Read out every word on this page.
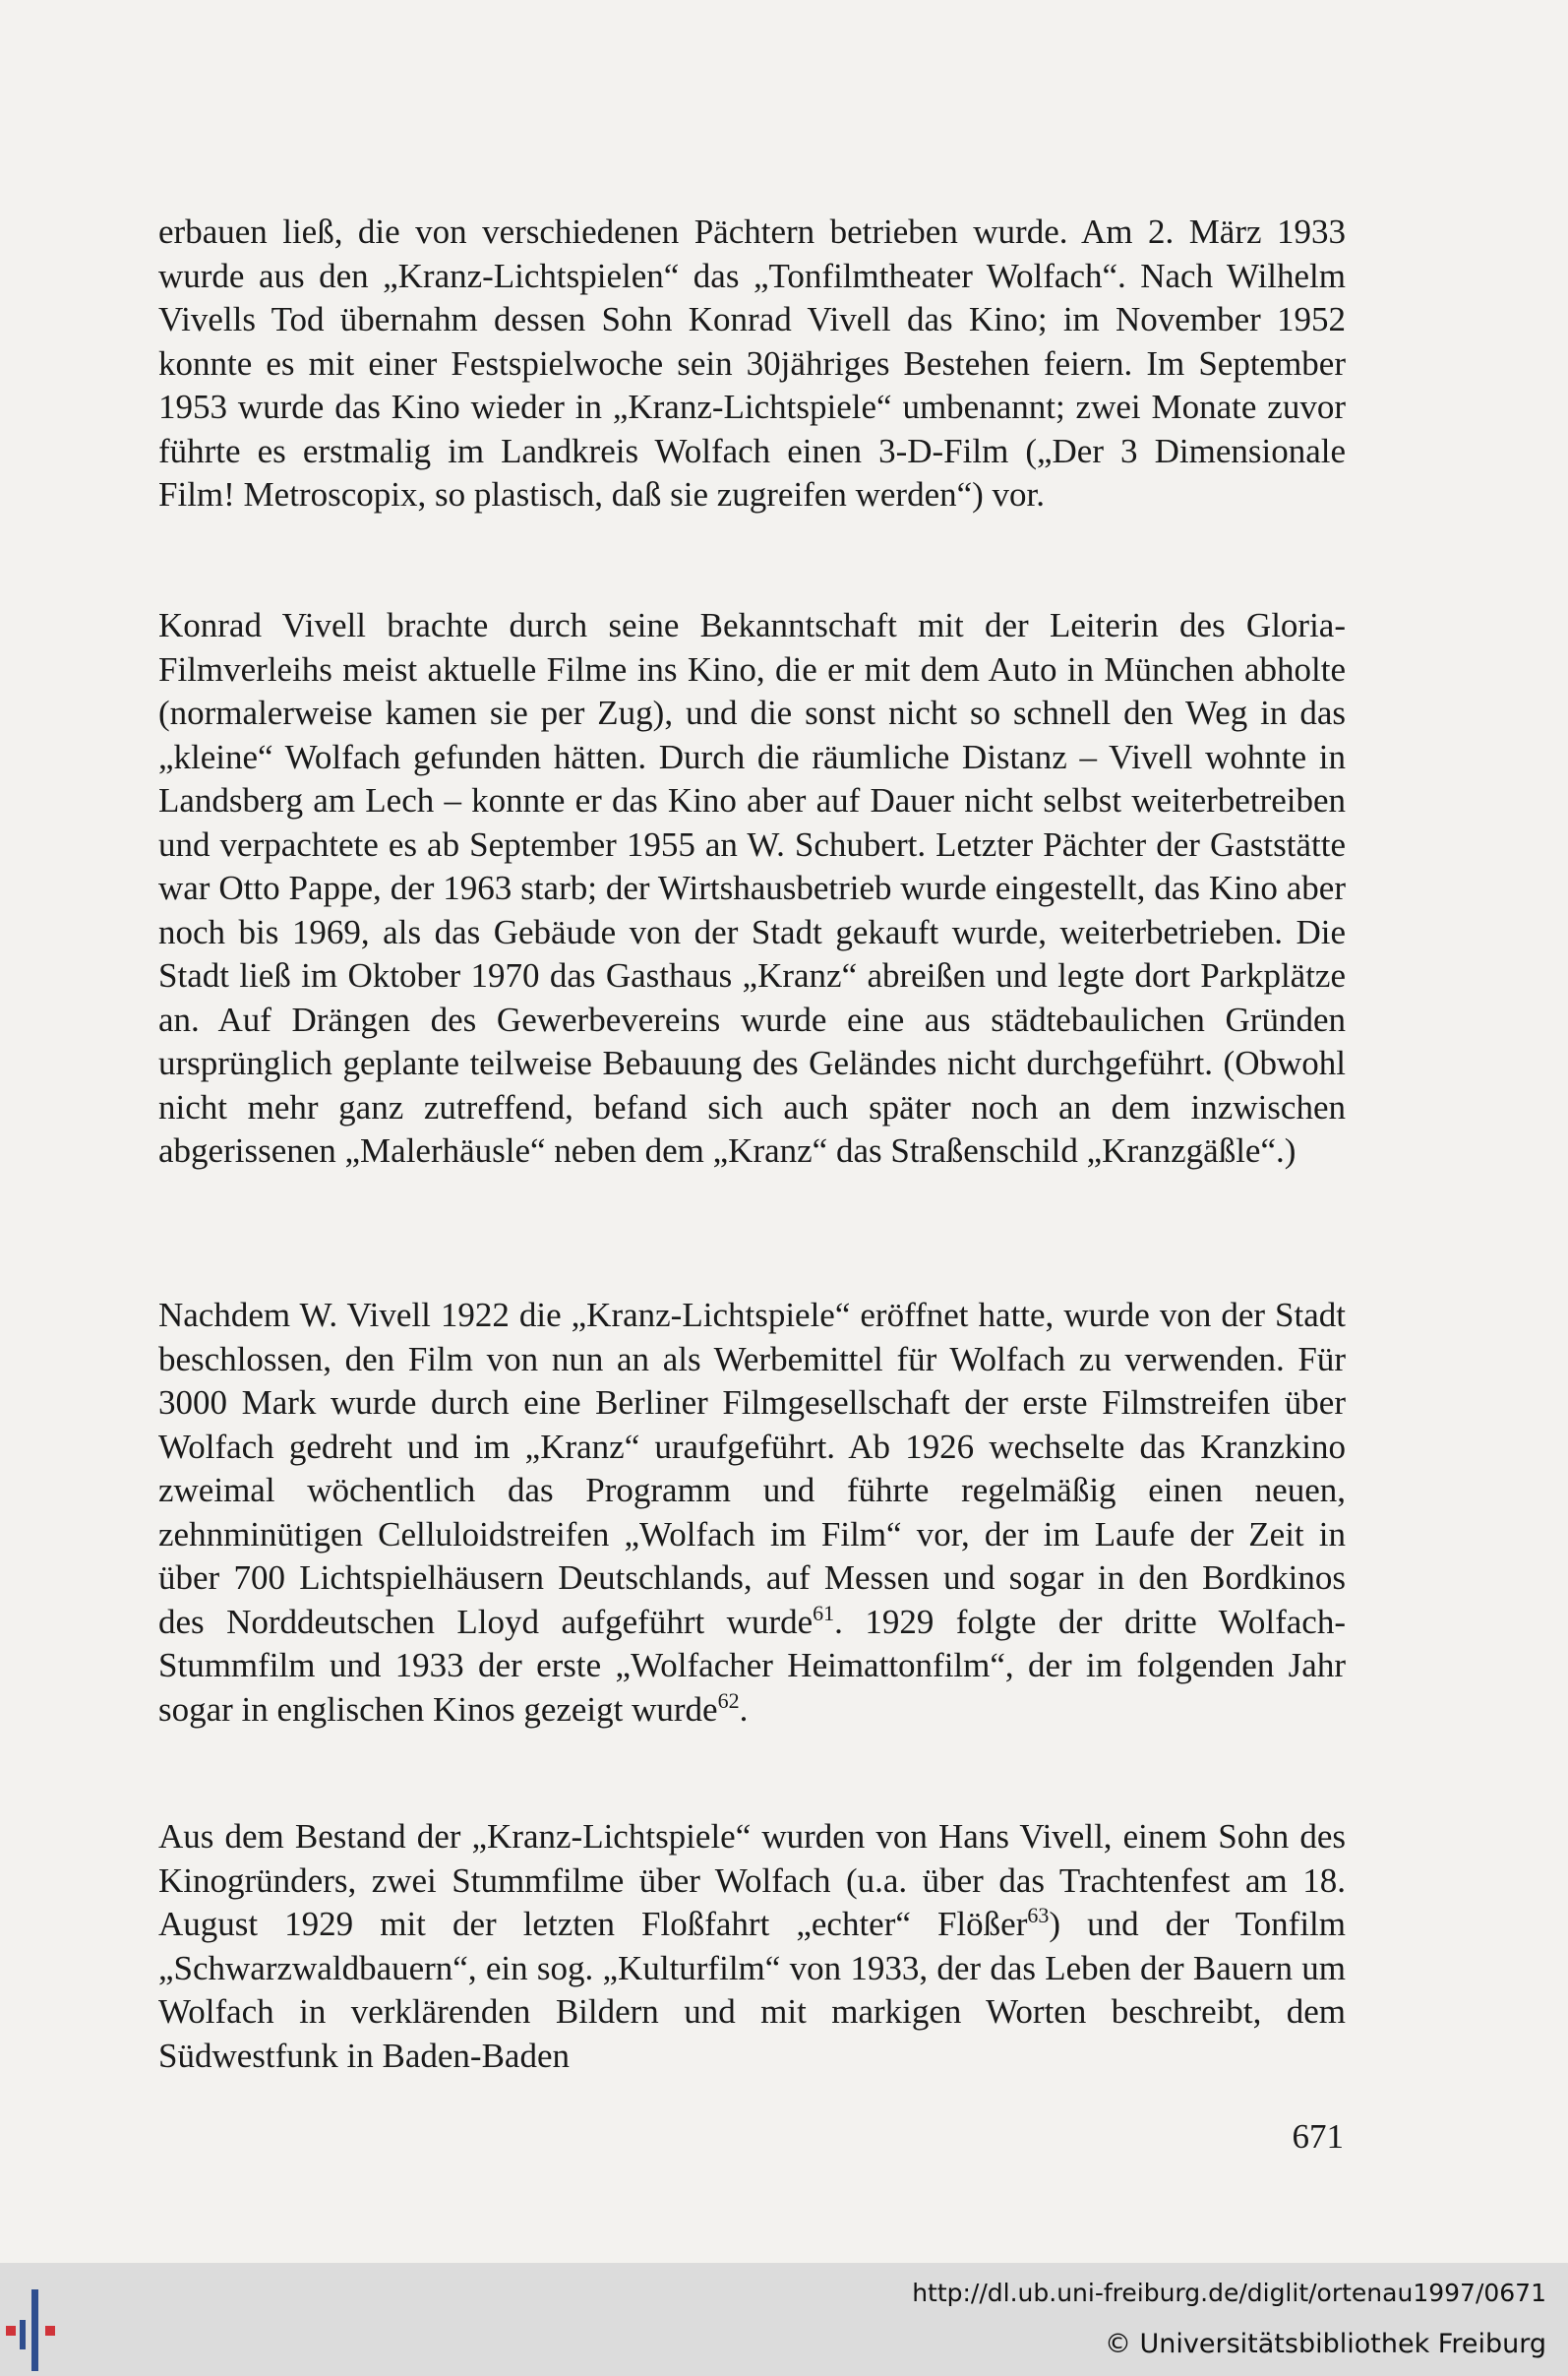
erbauen ließ, die von verschiedenen Pächtern betrieben wurde. Am 2. März 1933 wurde aus den „Kranz-Lichtspielen“ das „Tonfilmtheater Wolfach“. Nach Wilhelm Vivells Tod übernahm dessen Sohn Konrad Vivell das Kino; im November 1952 konnte es mit einer Festspielwoche sein 30jähriges Bestehen feiern. Im September 1953 wurde das Kino wieder in „Kranz-Lichtspiele“ umbenannt; zwei Monate zuvor führte es erstmalig im Landkreis Wolfach einen 3-D-Film („Der 3 Dimensionale Film! Metroscopix, so plastisch, daß sie zugreifen werden“) vor.

Konrad Vivell brachte durch seine Bekanntschaft mit der Leiterin des Gloria-Filmverleihs meist aktuelle Filme ins Kino, die er mit dem Auto in München abholte (normalerweise kamen sie per Zug), und die sonst nicht so schnell den Weg in das „kleine“ Wolfach gefunden hätten. Durch die räumliche Distanz – Vivell wohnte in Landsberg am Lech – konnte er das Kino aber auf Dauer nicht selbst weiterbetreiben und verpachtete es ab September 1955 an W. Schubert. Letzter Pächter der Gaststätte war Otto Pappe, der 1963 starb; der Wirtshausbetrieb wurde eingestellt, das Kino aber noch bis 1969, als das Gebäude von der Stadt gekauft wurde, weiterbetrieben. Die Stadt ließ im Oktober 1970 das Gasthaus „Kranz“ abreißen und legte dort Parkplätze an. Auf Drängen des Gewerbevereins wurde eine aus städtebaulichen Gründen ursprünglich geplante teilweise Bebauung des Geländes nicht durchgeführt. (Obwohl nicht mehr ganz zutreffend, befand sich auch später noch an dem inzwischen abgerissenen „Malerhäusle“ neben dem „Kranz“ das Straßenschild „Kranzgäßle“.)

Nachdem W. Vivell 1922 die „Kranz-Lichtspiele“ eröffnet hatte, wurde von der Stadt beschlossen, den Film von nun an als Werbemittel für Wolfach zu verwenden. Für 3000 Mark wurde durch eine Berliner Filmgesellschaft der erste Filmstreifen über Wolfach gedreht und im „Kranz“ uraufgeführt. Ab 1926 wechselte das Kranzkino zweimal wöchentlich das Programm und führte regelmäßig einen neuen, zehnminütigen Celluloidstreifen „Wolfach im Film“ vor, der im Laufe der Zeit in über 700 Lichtspielhäusern Deutschlands, auf Messen und sogar in den Bordkinos des Norddeutschen Lloyd aufgeführt wurde$^{61}$. 1929 folgte der dritte Wolfach-Stummfilm und 1933 der erste „Wolfacher Heimattonfilm“, der im folgenden Jahr sogar in englischen Kinos gezeigt wurde$^{62}$.

Aus dem Bestand der „Kranz-Lichtspiele“ wurden von Hans Vivell, einem Sohn des Kinogründers, zwei Stummfilme über Wolfach (u.a. über das Trachtenfest am 18. August 1929 mit der letzten Floßfahrt „echter“ Flößer$^{63}$) und der Tonfilm „Schwarzwaldbauern“, ein sog. „Kulturfilm“ von 1933, der das Leben der Bauern um Wolfach in verklärenden Bildern und mit markigen Worten beschreibt, dem Südwestfunk in Baden-Baden

671
http://dl.ub.uni-freiburg.de/diglit/ortenau1997/0671
© Universitätsbibliothek Freiburg
